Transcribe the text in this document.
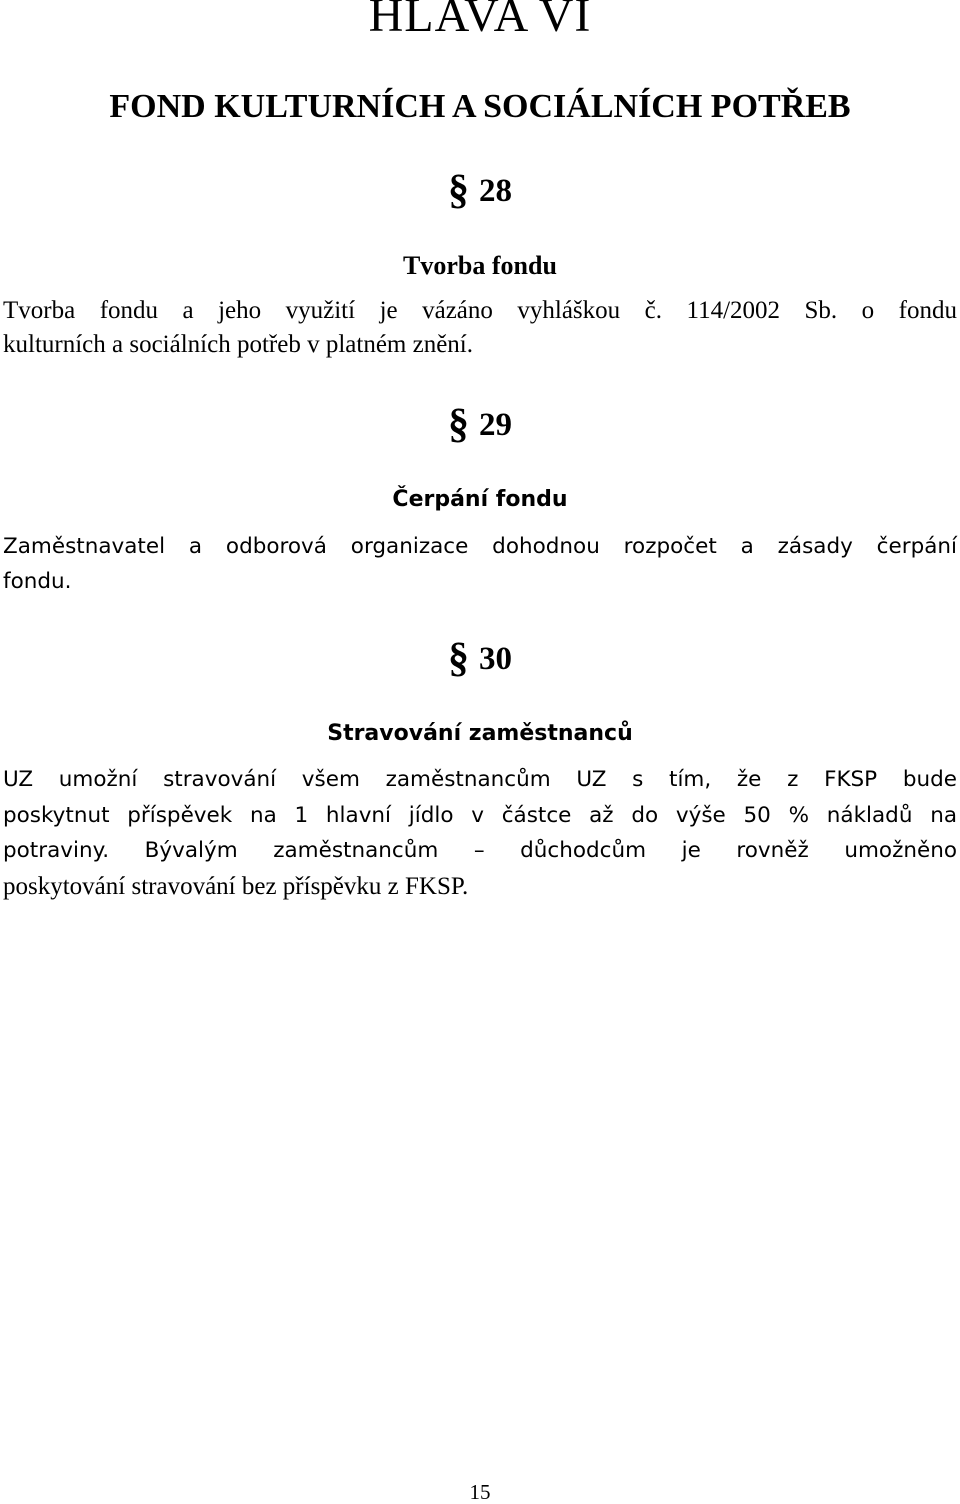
HLAVA VI
FOND KULTURNÍCH A SOCIÁLNÍCH POTŘEB
§ 28
Tvorba fondu
Tvorba fondu a jeho využití je vázáno vyhláškou č. 114/2002 Sb. o fondu
kulturních a sociálních potřeb v platném znění.
§ 29
Čerpání fondu
Zaměstnavatel a odborová organizace dohodnou rozpočet a zásady čerpání
fondu.
§ 30
Stravování zaměstnanců
UZ umožní stravování všem zaměstnancům UZ s tím, že z FKSP bude
poskytnut příspěvek na 1 hlavní jídlo v částce až do výše 50 % nákladů na
potraviny. Bývalým zaměstnancům – důchodcům je rovněž umožněno
poskytování stravování bez příspěvku z FKSP.
15
